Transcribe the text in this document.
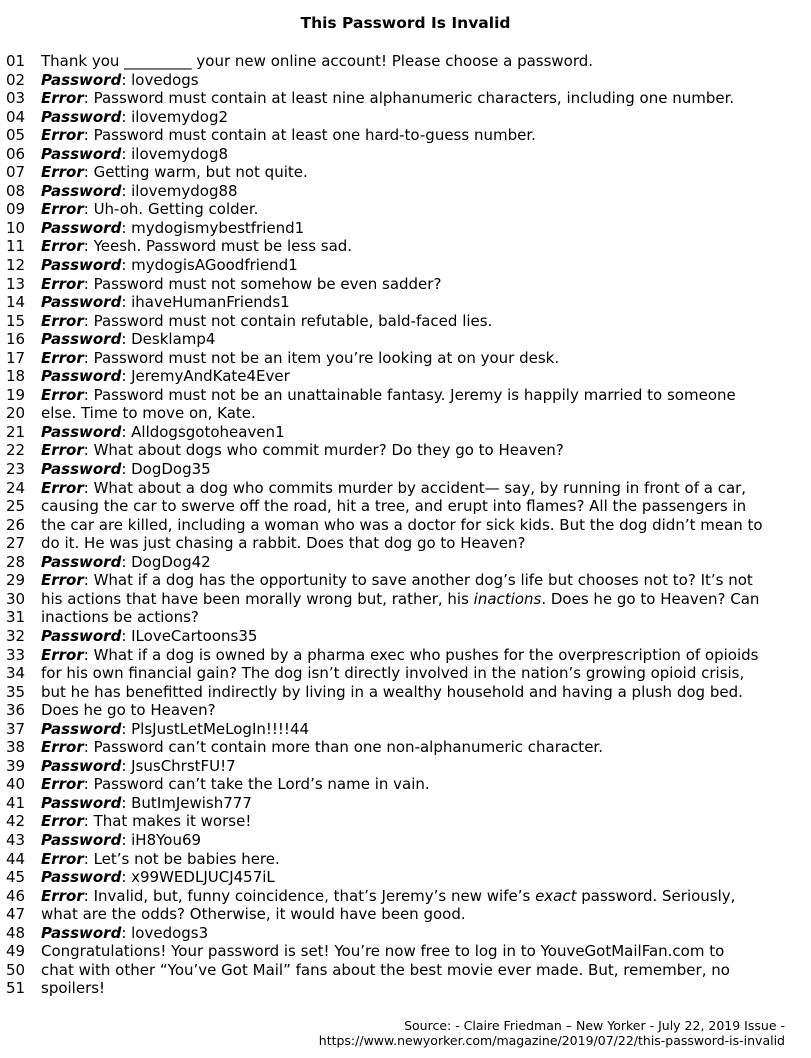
This Password Is Invalid
01	Thank you _________ your new online account! Please choose a password.
02	Password: lovedogs
03	Error: Password must contain at least nine alphanumeric characters, including one number.
04	Password: ilovemydog2
05	Error: Password must contain at least one hard-to-guess number.
06	Password: ilovemydog8
07	Error: Getting warm, but not quite.
08	Password: ilovemydog88
09	Error: Uh-oh. Getting colder.
10	Password: mydogismybestfriend1
11	Error: Yeesh. Password must be less sad.
12	Password: mydogisAGoodfriend1
13	Error: Password must not somehow be even sadder?
14	Password: ihaveHumanFriends1
15	Error: Password must not contain refutable, bald-faced lies.
16	Password: Desklamp4
17	Error: Password must not be an item you’re looking at on your desk.
18	Password: JeremyAndKate4Ever
19	Error: Password must not be an unattainable fantasy. Jeremy is happily married to someone
20	else. Time to move on, Kate.
21	Password: Alldogsgotoheaven1
22	Error: What about dogs who commit murder? Do they go to Heaven?
23	Password: DogDog35
24	Error: What about a dog who commits murder by accident— say, by running in front of a car,
25	causing the car to swerve off the road, hit a tree, and erupt into flames? All the passengers in
26	the car are killed, including a woman who was a doctor for sick kids. But the dog didn’t mean to
27	do it. He was just chasing a rabbit. Does that dog go to Heaven?
28	Password: DogDog42
29	Error: What if a dog has the opportunity to save another dog’s life but chooses not to? It’s not
30	his actions that have been morally wrong but, rather, his inactions. Does he go to Heaven? Can
31	inactions be actions?
32	Password: ILoveCartoons35
33	Error: What if a dog is owned by a pharma exec who pushes for the overprescription of opioids
34	for his own financial gain? The dog isn’t directly involved in the nation’s growing opioid crisis,
35	but he has benefitted indirectly by living in a wealthy household and having a plush dog bed.
36	Does he go to Heaven?
37	Password: PlsJustLetMeLogIn!!!!44
38	Error: Password can’t contain more than one non-alphanumeric character.
39	Password: JsusChrstFU!7
40	Error: Password can’t take the Lord’s name in vain.
41	Password: ButImJewish777
42	Error: That makes it worse!
43	Password: iH8You69
44	Error: Let’s not be babies here.
45	Password: x99WEDLJUCJ457iL
46	Error: Invalid, but, funny coincidence, that’s Jeremy’s new wife’s exact password. Seriously,
47	what are the odds? Otherwise, it would have been good.
48	Password: lovedogs3
49	Congratulations! Your password is set! You’re now free to log in to YouveGotMailFan.com to
50	chat with other “You’ve Got Mail” fans about the best movie ever made. But, remember, no
51	spoilers!
Source: - Claire Friedman – New Yorker - July 22, 2019 Issue -
https://www.newyorker.com/magazine/2019/07/22/this-password-is-invalid
